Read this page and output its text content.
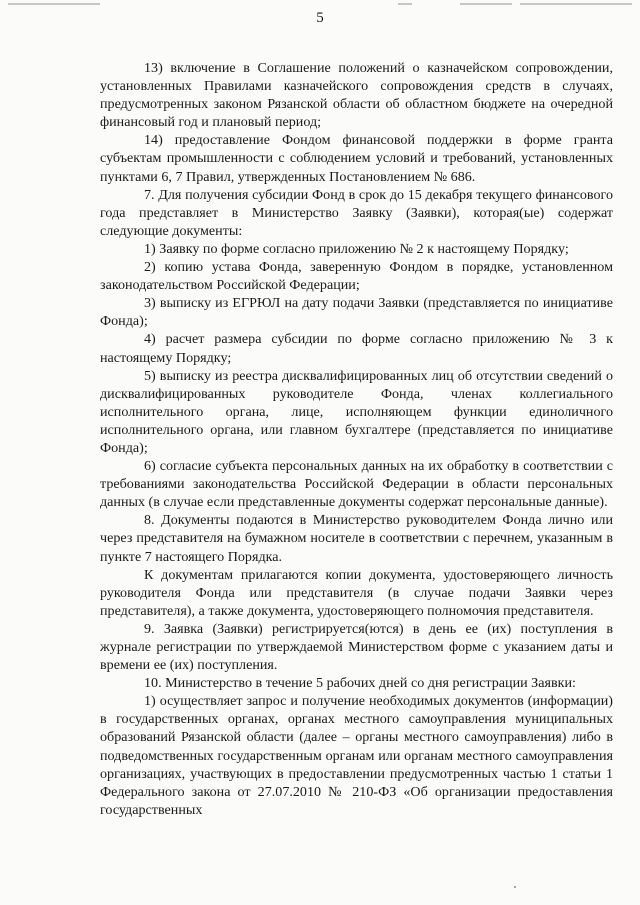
5

13) включение в Соглашение положений о казначейском сопровождении, установленных Правилами казначейского сопровождения средств в случаях, предусмотренных законом Рязанской области об областном бюджете на очередной финансовый год и плановый период;

14) предоставление Фондом финансовой поддержки в форме гранта субъектам промышленности с соблюдением условий и требований, установленных пунктами 6, 7 Правил, утвержденных Постановлением № 686.

7. Для получения субсидии Фонд в срок до 15 декабря текущего финансового года представляет в Министерство Заявку (Заявки), которая(ые) содержат следующие документы:

1) Заявку по форме согласно приложению № 2 к настоящему Порядку;

2) копию устава Фонда, заверенную Фондом в порядке, установленном законодательством Российской Федерации;

3) выписку из ЕГРЮЛ на дату подачи Заявки (представляется по инициативе Фонда);

4) расчет размера субсидии по форме согласно приложению № 3 к настоящему Порядку;

5) выписку из реестра дисквалифицированных лиц об отсутствии сведений о дисквалифицированных руководителе Фонда, членах коллегиального исполнительного органа, лице, исполняющем функции единоличного исполнительного органа, или главном бухгалтере (представляется по инициативе Фонда);

6) согласие субъекта персональных данных на их обработку в соответствии с требованиями законодательства Российской Федерации в области персональных данных (в случае если представленные документы содержат персональные данные).

8. Документы подаются в Министерство руководителем Фонда лично или через представителя на бумажном носителе в соответствии с перечнем, указанным в пункте 7 настоящего Порядка.

К документам прилагаются копии документа, удостоверяющего личность руководителя Фонда или представителя (в случае подачи Заявки через представителя), а также документа, удостоверяющего полномочия представителя.

9. Заявка (Заявки) регистрируется(ются) в день ее (их) поступления в журнале регистрации по утверждаемой Министерством форме с указанием даты и времени ее (их) поступления.

10. Министерство в течение 5 рабочих дней со дня регистрации Заявки:

1) осуществляет запрос и получение необходимых документов (информации) в государственных органах, органах местного самоуправления муниципальных образований Рязанской области (далее – органы местного самоуправления) либо в подведомственных государственным органам или органам местного самоуправления организациях, участвующих в предоставлении предусмотренных частью 1 статьи 1 Федерального закона от 27.07.2010 № 210-ФЗ «Об организации предоставления государственных
